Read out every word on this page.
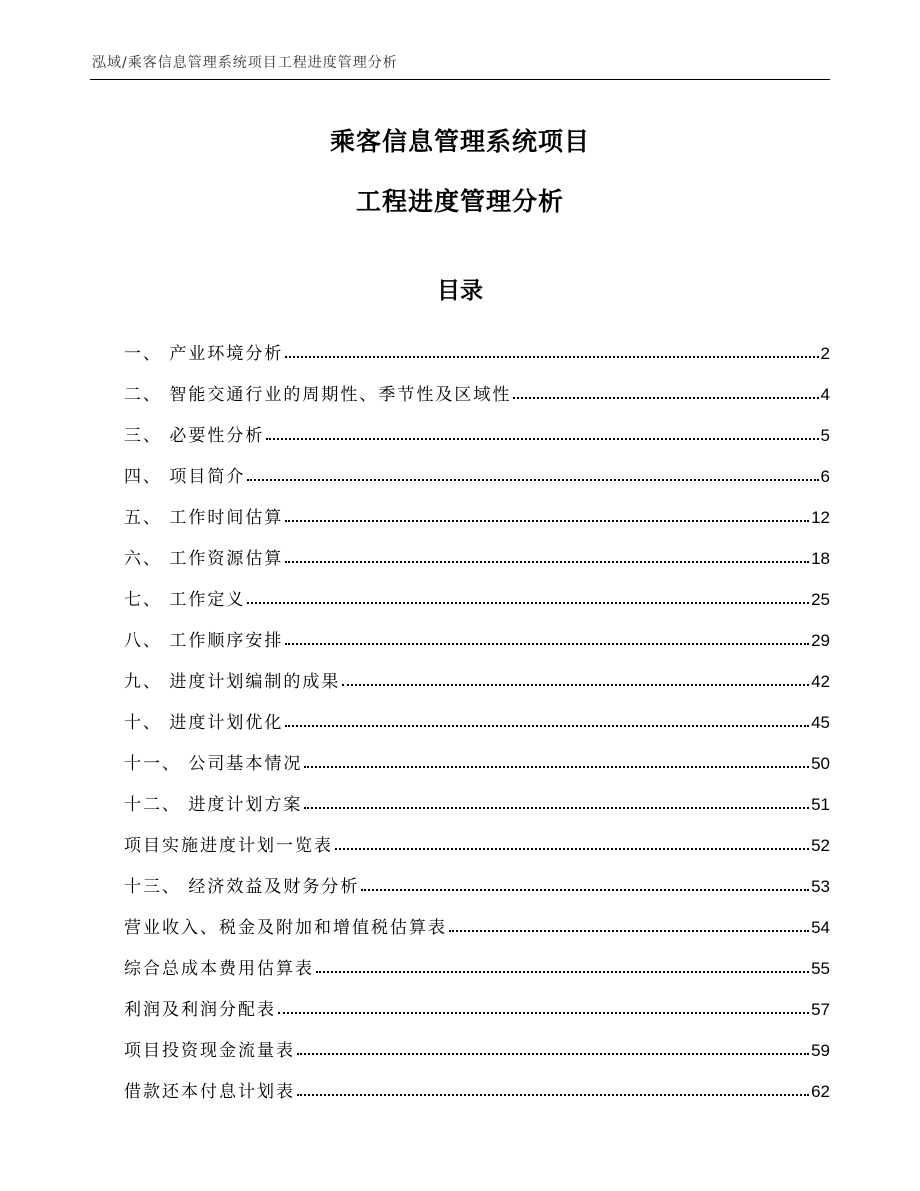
泓域/乘客信息管理系统项目工程进度管理分析
乘客信息管理系统项目
工程进度管理分析
目录
一、 产业环境分析	2
二、 智能交通行业的周期性、季节性及区域性	4
三、 必要性分析	5
四、 项目简介	6
五、 工作时间估算	12
六、 工作资源估算	18
七、 工作定义	25
八、 工作顺序安排	29
九、 进度计划编制的成果	42
十、 进度计划优化	45
十一、 公司基本情况	50
十二、 进度计划方案	51
项目实施进度计划一览表	52
十三、 经济效益及财务分析	53
营业收入、税金及附加和增值税估算表	54
综合总成本费用估算表	55
利润及利润分配表	57
项目投资现金流量表	59
借款还本付息计划表	62
